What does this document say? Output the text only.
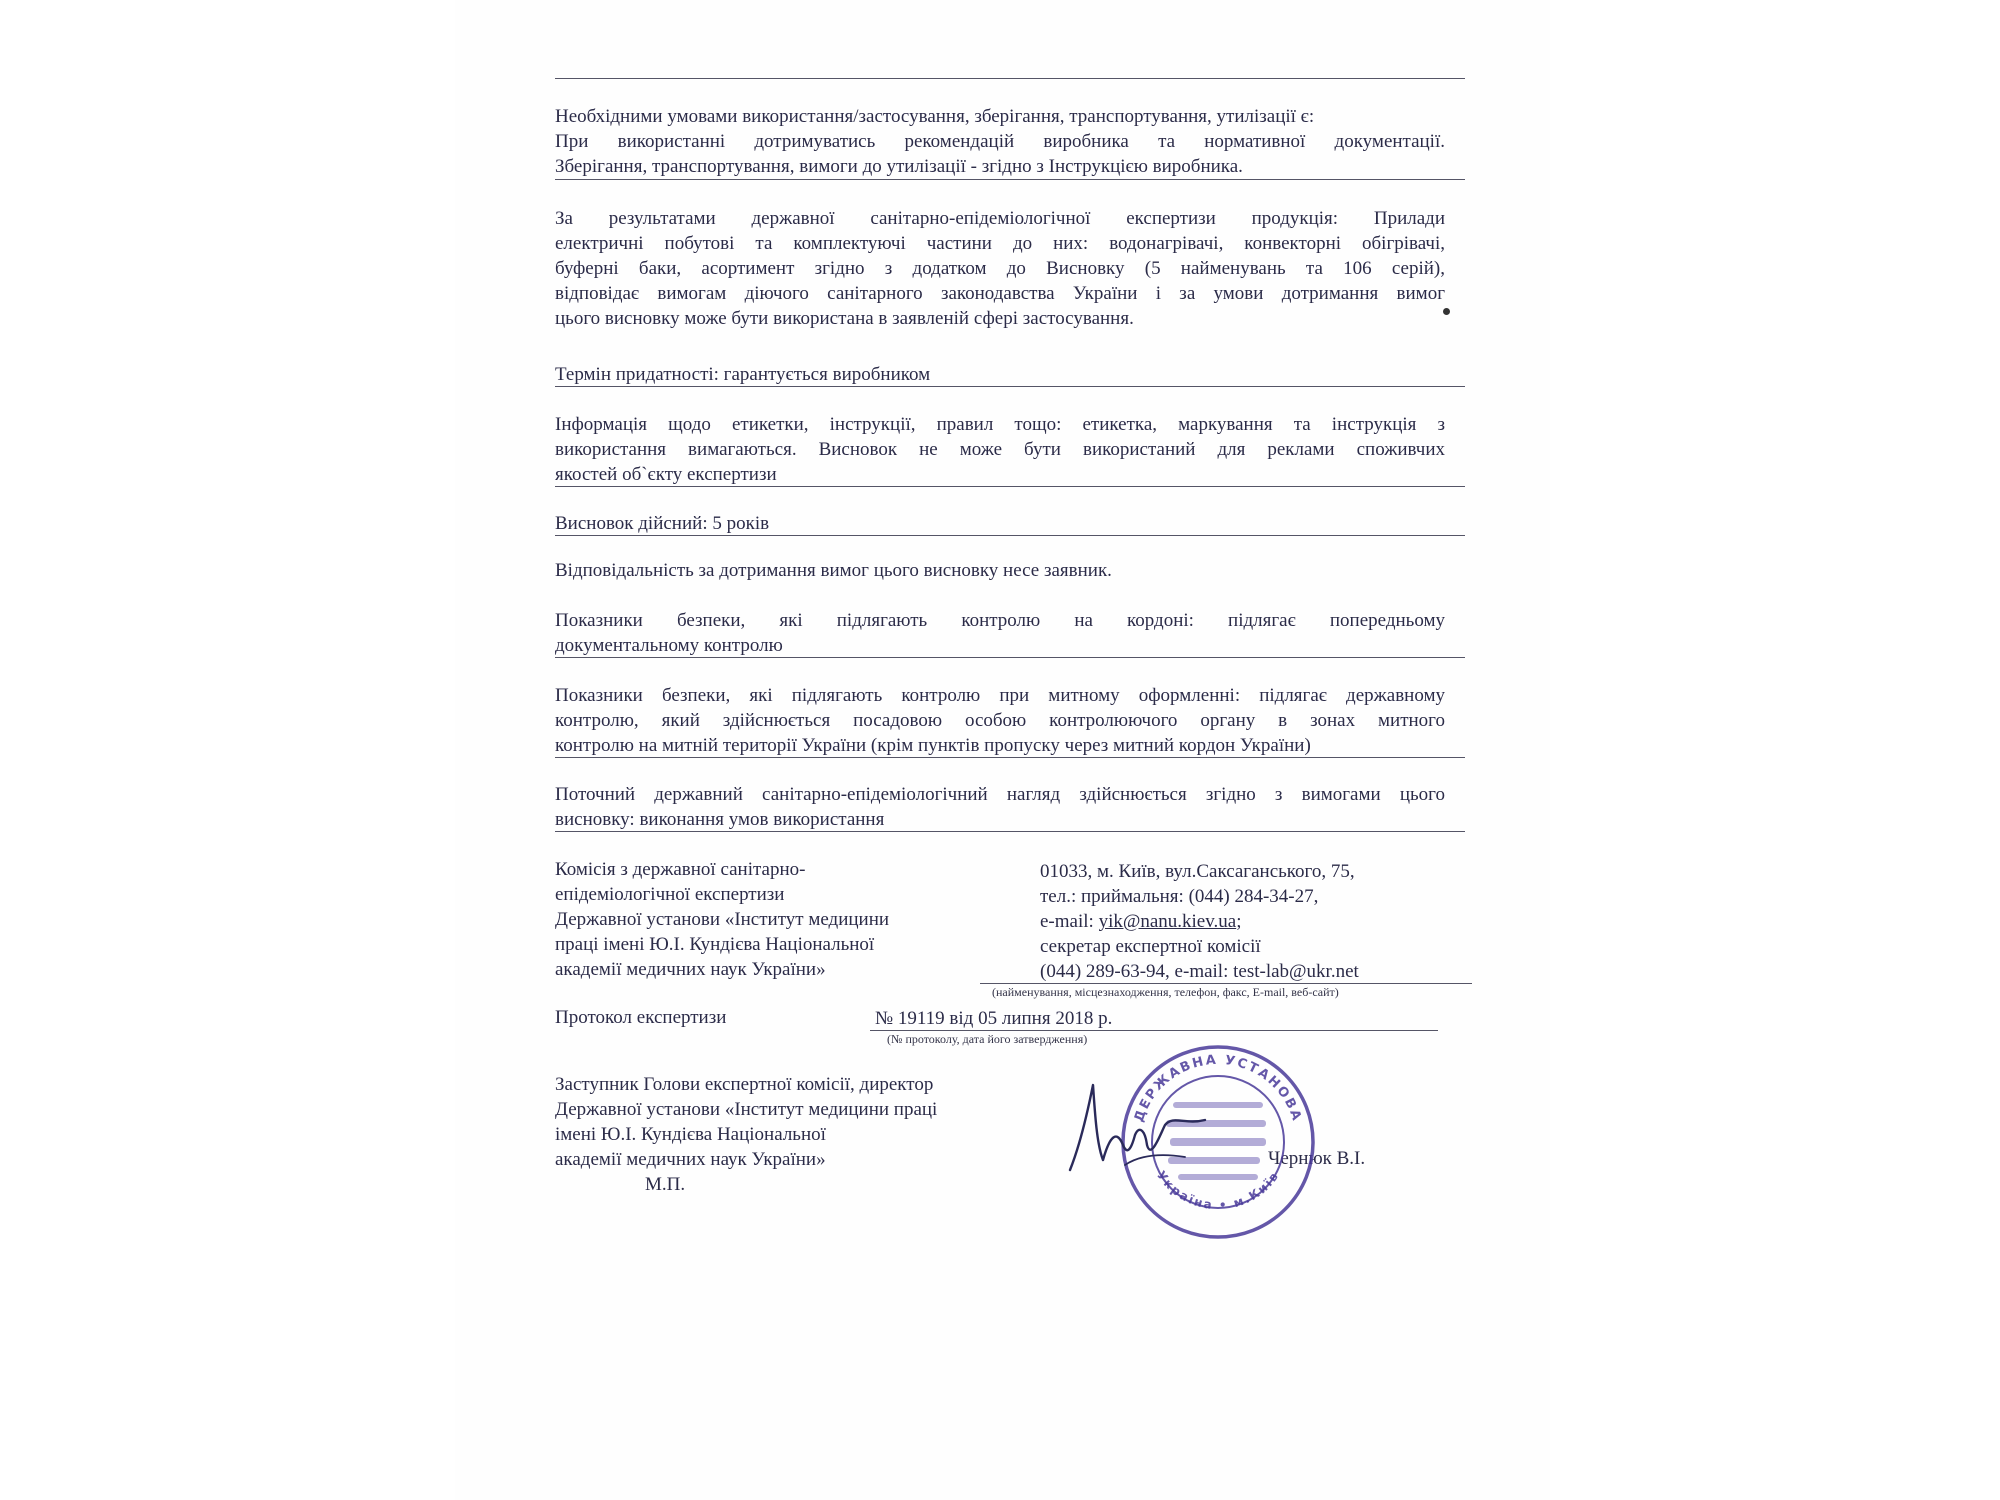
Необхідними умовами використання/застосування, зберігання, транспортування, утилізації є:
При використанні дотримуватись рекомендацій виробника та нормативної документації.
Зберігання, транспортування, вимоги до утилізації - згідно з Інструкцією виробника.
За результатами державної санітарно-епідеміологічної експертизи продукція: Прилади
електричні побутові та комплектуючі частини до них: водонагрівачі, конвекторні обігрівачі,
буферні баки, асортимент згідно з додатком до Висновку (5 найменувань та 106 серій),
відповідає вимогам діючого санітарного законодавства України і за умови дотримання вимог
цього висновку може бути використана в заявленій сфері застосування.
Термін придатності: гарантується виробником
Інформація щодо етикетки, інструкції, правил тощо: етикетка, маркування та інструкція з
використання вимагаються. Висновок не може бути використаний для реклами споживчих
якостей об`єкту експертизи
Висновок дійсний: 5 років
Відповідальність за дотримання вимог цього висновку несе заявник.
Показники безпеки, які підлягають контролю на кордоні: підлягає попередньому
документальному контролю
Показники безпеки, які підлягають контролю при митному оформленні: підлягає державному
контролю, який здійснюється посадовою особою контролюючого органу в зонах митного
контролю на митній території України (крім пунктів пропуску через митний кордон України)
Поточний державний санітарно-епідеміологічний нагляд здійснюється згідно з вимогами цього
висновку: виконання умов використання
Комісія з державної санітарно-
епідеміологічної експертизи
Державної установи «Інститут медицини
праці імені Ю.І. Кундієва Національної
академії медичних наук України»
01033, м. Київ, вул.Саксаганського, 75,
тел.: приймальня: (044) 284-34-27,
e-mail: yik@nanu.kiev.ua;
секретар експертної комісії
(044) 289-63-94, e-mail: test-lab@ukr.net
(найменування, місцезнаходження, телефон, факс, E-mail, веб-сайт)
Протокол експертизи	№ 19119 від 05 липня 2018 р.
(№ протоколу, дата його затвердження)
Заступник Голови експертної комісії, директор
Державної установи «Інститут медицини праці
імені Ю.І. Кундієва Національної
академії медичних наук України»
М.П.
Чернюк В.І.
ДЕРЖАВНА УСТАНОВА
Україна • м.Київ
